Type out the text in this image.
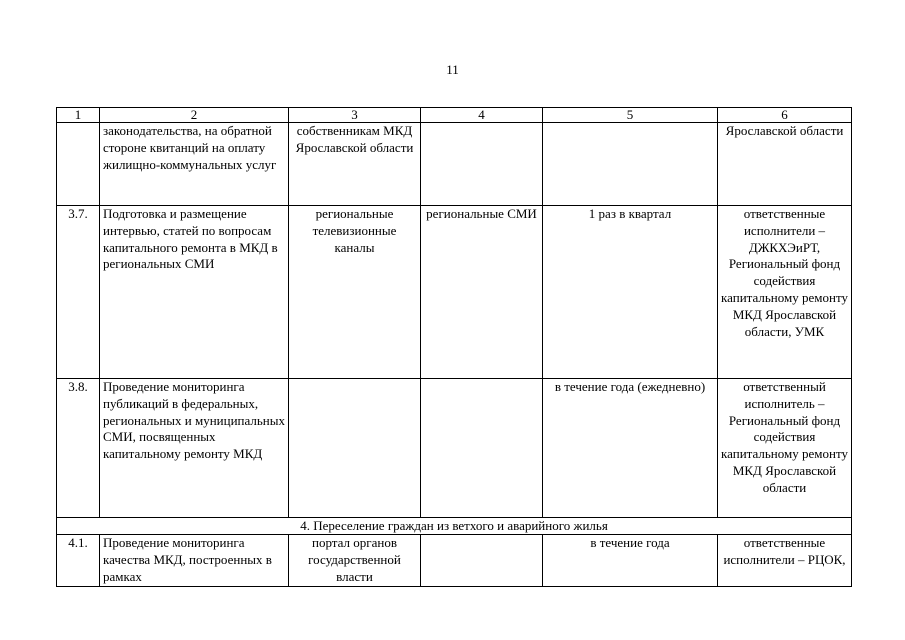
11
1	2	3	4	5	6
	законодательства, на обратной стороне квитанций на оплату жилищно-коммунальных услуг	собственникам МКД Ярославской области			Ярославской области
3.7.	Подготовка и размещение интервью, статей по вопросам капитального ремонта в МКД в региональных СМИ	региональные телевизионные каналы	региональные СМИ	1 раз в квартал	ответственные исполнители – ДЖКХЭиРТ, Региональный фонд содействия капитальному ремонту МКД Ярославской области, УМК
3.8.	Проведение мониторинга публикаций в федеральных, региональных и муниципальных СМИ, посвященных капитальному ремонту МКД			в течение года (ежедневно)	ответственный исполнитель – Региональный фонд содействия капитальному ремонту МКД Ярославской области
4. Переселение граждан из ветхого и аварийного жилья					
4.1.	Проведение мониторинга качества МКД, построенных в рамках	портал органов государственной власти		в течение года	ответственные исполнители – РЦОК,
